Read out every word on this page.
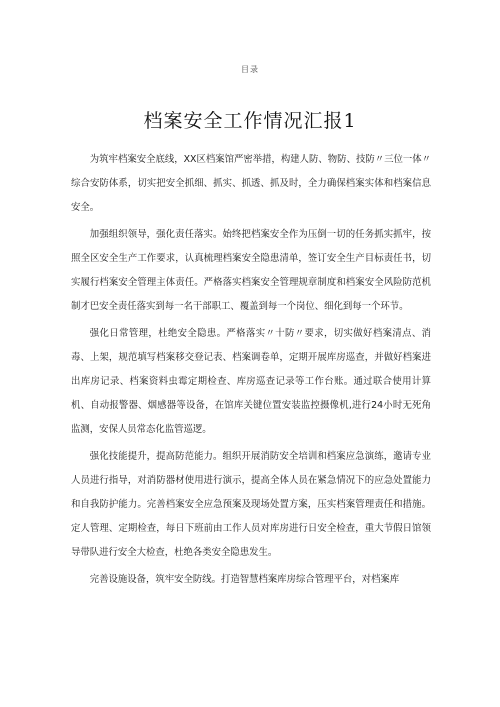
目录
档案安全工作情况汇报1

为筑牢档案安全底线，XX区档案馆严密举措，构建人防、物防、技防〃三位一体〃综合安防体系，切实把安全抓细、抓实、抓透、抓及时，全力确保档案实体和档案信息安全。

加强组织领导，强化责任落实。始终把档案安全作为压倒一切的任务抓实抓牢，按照全区安全生产工作要求，认真梳理档案安全隐患清单，签订安全生产目标责任书，切实履行档案安全管理主体责任。严格落实档案安全管理规章制度和档案安全风险防范机制才巴安全责任落实到每一名干部职工、覆盖到每一个岗位、细化到每一个环节。

强化日常管理，杜绝安全隐患。严格落实〃十防〃要求，切实做好档案清点、消毒、上架，规范填写档案移交登记表、档案调卷单，定期开展库房巡查，并做好档案进出库房记录、档案资料虫霉定期检查、库房巡查记录等工作台账。通过联合使用计算机、自动报警器、烟感器等设备，在馆库关键位置安装监控摄像机,进行24小时无死角监测，安保人员常态化监管巡逻。

强化技能提升，提高防范能力。组织开展消防安全培训和档案应急演练，邀请专业人员进行指导，对消防器材使用进行演示，提高全体人员在紧急情况下的应急处置能力和自我防护能力。完善档案安全应急预案及现场处置方案，压实档案管理责任和措施。定人管理、定期检查，每日下班前由工作人员对库房进行日安全检查，重大节假日馆领导带队进行安全大检查，杜绝各类安全隐患发生。

完善设施设备，筑牢安全防线。打造智慧档案库房综合管理平台，对档案库
